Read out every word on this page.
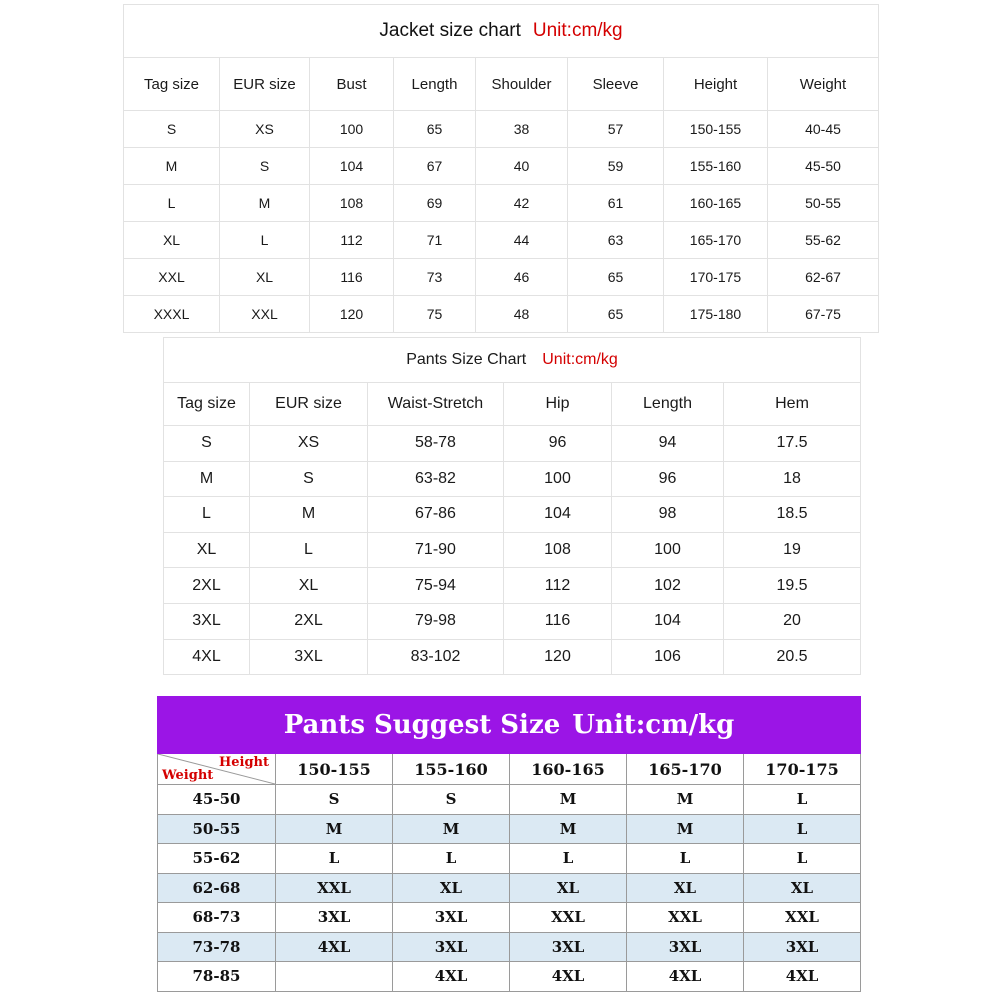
Jacket size chart Unit:cm/kg							
Tag size	EUR size	Bust	Length	Shoulder	Sleeve	Height	Weight
S	XS	100	65	38	57	150-155	40-45
M	S	104	67	40	59	155-160	45-50
L	M	108	69	42	61	160-165	50-55
XL	L	112	71	44	63	165-170	55-62
XXL	XL	116	73	46	65	170-175	62-67
XXXL	XXL	120	75	48	65	175-180	67-75
Pants Size Chart Unit:cm/kg					
Tag size	EUR size	Waist-Stretch	Hip	Length	Hem
S	XS	58-78	96	94	17.5
M	S	63-82	100	96	18
L	M	67-86	104	98	18.5
XL	L	71-90	108	100	19
2XL	XL	75-94	112	102	19.5
3XL	2XL	79-98	116	104	20
4XL	3XL	83-102	120	106	20.5
Pants Suggest Size Unit:cm/kg					

Height
Weight	150-155	155-160	160-165	165-170	170-175
45-50	S	S	M	M	L
50-55	M	M	M	M	L
55-62	L	L	L	L	L
62-68	XXL	XL	XL	XL	XL
68-73	3XL	3XL	XXL	XXL	XXL
73-78	4XL	3XL	3XL	3XL	3XL
78-85		4XL	4XL	4XL	4XL
